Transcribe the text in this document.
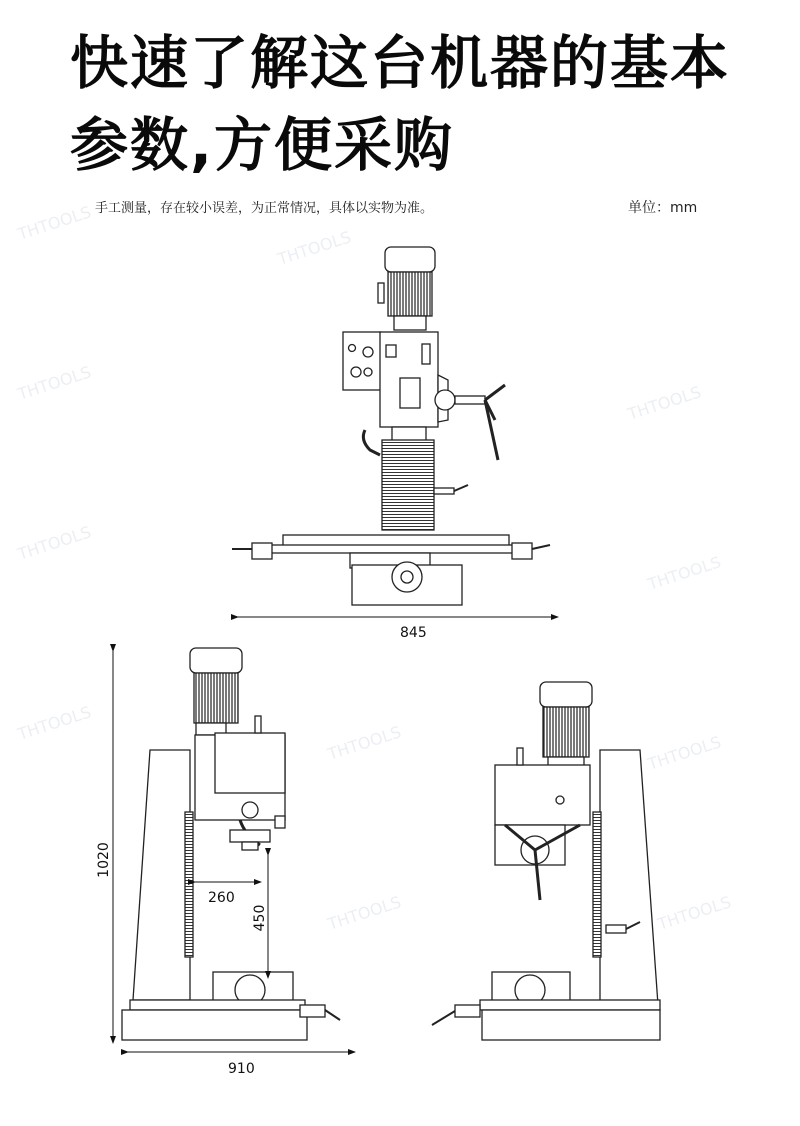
快速了解这台机器的基本参数,方便采购
手工测量，存在较小误差，为正常情况，具体以实物为准。	单位：mm
THTOOLS
THTOOLS
THTOOLS	THTOOLS
THTOOLS
THTOOLS
THTOOLS	THTOOLS	THTOOLS
THTOOLS	THTOOLS
845
1020
260
450
910
